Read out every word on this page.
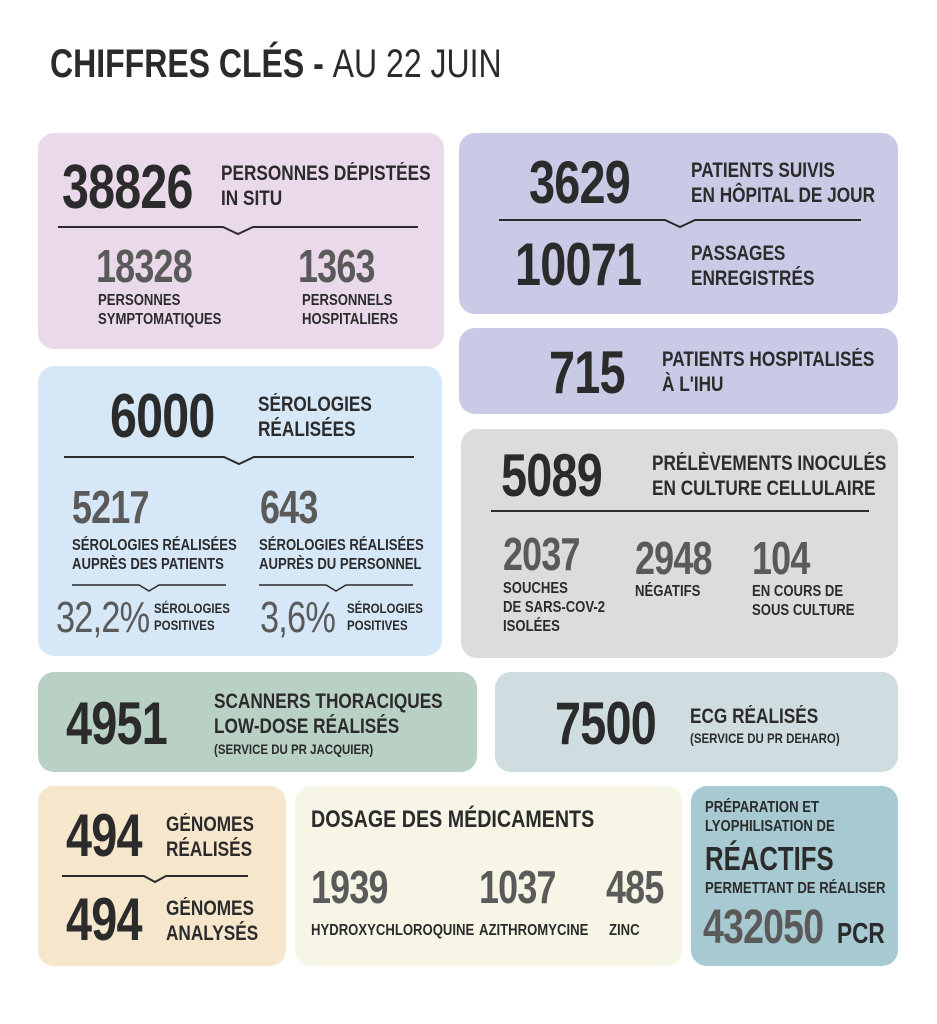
CHIFFRES CLÉS - AU 22 JUIN
38826 PERSONNES DÉPISTÉES
IN SITU
18328
PERSONNES
SYMPTOMATIQUES
1363
PERSONNELS
HOSPITALIERS
3629	PATIENTS SUIVIS
EN HÔPITAL DE JOUR
10071 PASSAGES
ENREGISTRÉS
715 PATIENTS HOSPITALISÉS
À L'IHU
6000 SÉROLOGIES
RÉALISÉES
5217
SÉROLOGIES RÉALISÉES
AUPRÈS DES PATIENTS
32,2% SÉROLOGIES
POSITIVES
643
SÉROLOGIES RÉALISÉES
AUPRÈS DU PERSONNEL
3,6% SÉROLOGIES
POSITIVES
5089 PRÉLÈVEMENTS INOCULÉS
EN CULTURE CELLULAIRE
2037
SOUCHES
DE SARS-COV-2
ISOLÉES
2948
NÉGATIFS
104
EN COURS DE
SOUS CULTURE
4951 SCANNERS THORACIQUES
LOW-DOSE RÉALISÉS
(SERVICE DU PR JACQUIER)	7500 ECG RÉALISÉS
(SERVICE DU PR DEHARO)
494 GÉNOMES
RÉALISÉS
494 GÉNOMES
ANALYSÉS
DOSAGE DES MÉDICAMENTS
1939
HYDROXYCHLOROQUINE
1037
AZITHROMYCINE
485
ZINC
PRÉPARATION ET
LYOPHILISATION DE
RÉACTIFS
PERMETTANT DE RÉALISER
432050 PCR
